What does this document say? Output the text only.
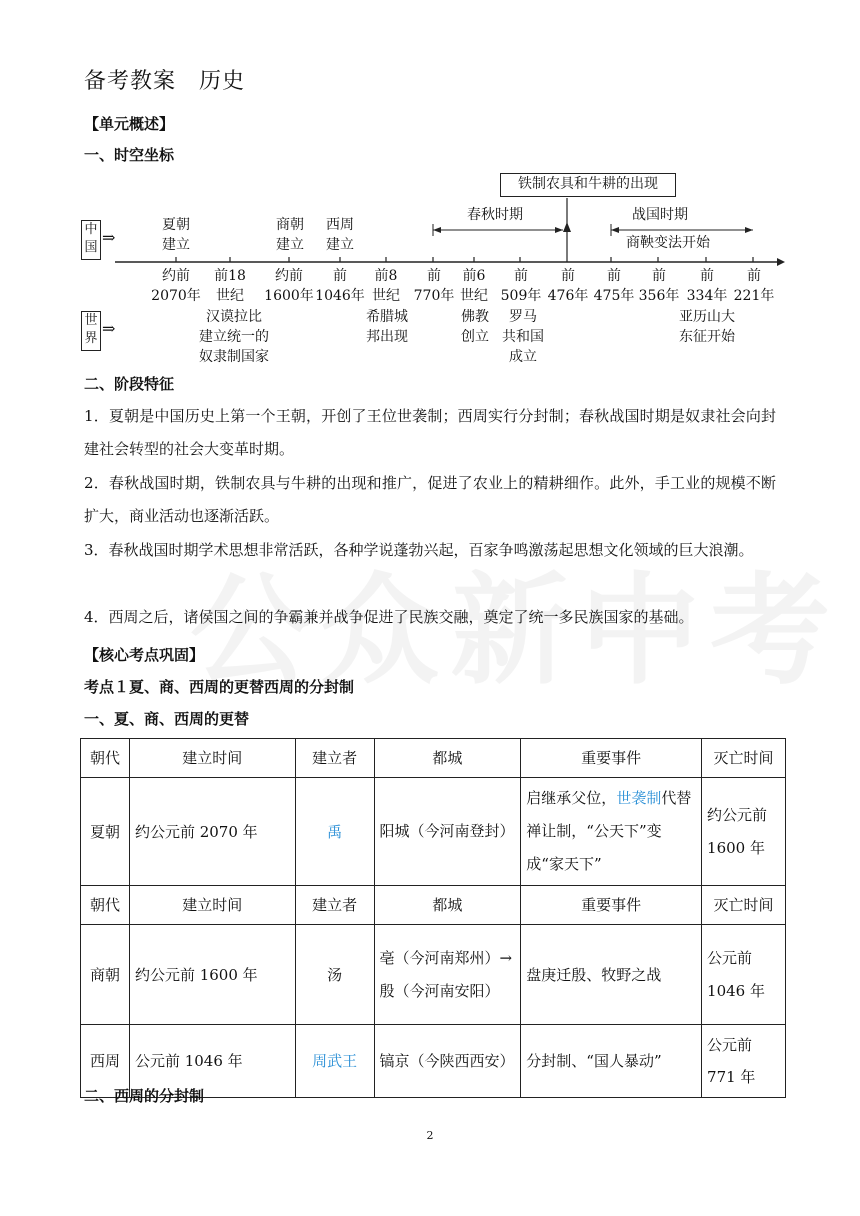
备考教案　历史
【单元概述】
一、时空坐标
中
国
⇒
世
界
⇒
铁制农具和牛耕的出现
春秋时期	战国时期
商鞅变法开始
夏朝
建立
商朝
建立
西周
建立
约前
2070年
前18
世纪
约前
1600年
前
1046年
前8
世纪
前
770年
前6
世纪
前
509年
前
476年
前
475年
前
356年
前
334年
前
221年
汉谟拉比
建立统一的
奴隶制国家
希腊城
邦出现
佛教
创立
罗马
共和国
成立
亚历山大
东征开始
二、阶段特征
1．夏朝是中国历史上第一个王朝，开创了王位世袭制；西周实行分封制；春秋战国时期是奴隶社会向封建社会转型的社会大变革时期。
2．春秋战国时期，铁制农具与牛耕的出现和推广，促进了农业上的精耕细作。此外，手工业的规模不断扩大，商业活动也逐渐活跃。
3．春秋战国时期学术思想非常活跃，各种学说蓬勃兴起，百家争鸣激荡起思想文化领域的巨大浪潮。
4．西周之后，诸侯国之间的争霸兼并战争促进了民族交融，奠定了统一多民族国家的基础。
【核心考点巩固】
考点１夏、商、西周的更替西周的分封制
一、夏、商、西周的更替
朝代	建立时间	建立者	都城	重要事件	灭亡时间
夏朝	约公元前 2070 年	禹	阳城（今河南登封）	启继承父位，世袭制代替禅让制，“公天下”变成“家天下”	约公元前 1600 年
朝代	建立时间	建立者	都城	重要事件	灭亡时间
商朝	约公元前 1600 年	汤	亳（今河南郑州）→殷（今河南安阳）	盘庚迁殷、牧野之战	公元前 1046 年
西周	公元前 1046 年	周武王	镐京（今陕西西安）	分封制、“国人暴动”	公元前 771 年
二、西周的分封制
2
